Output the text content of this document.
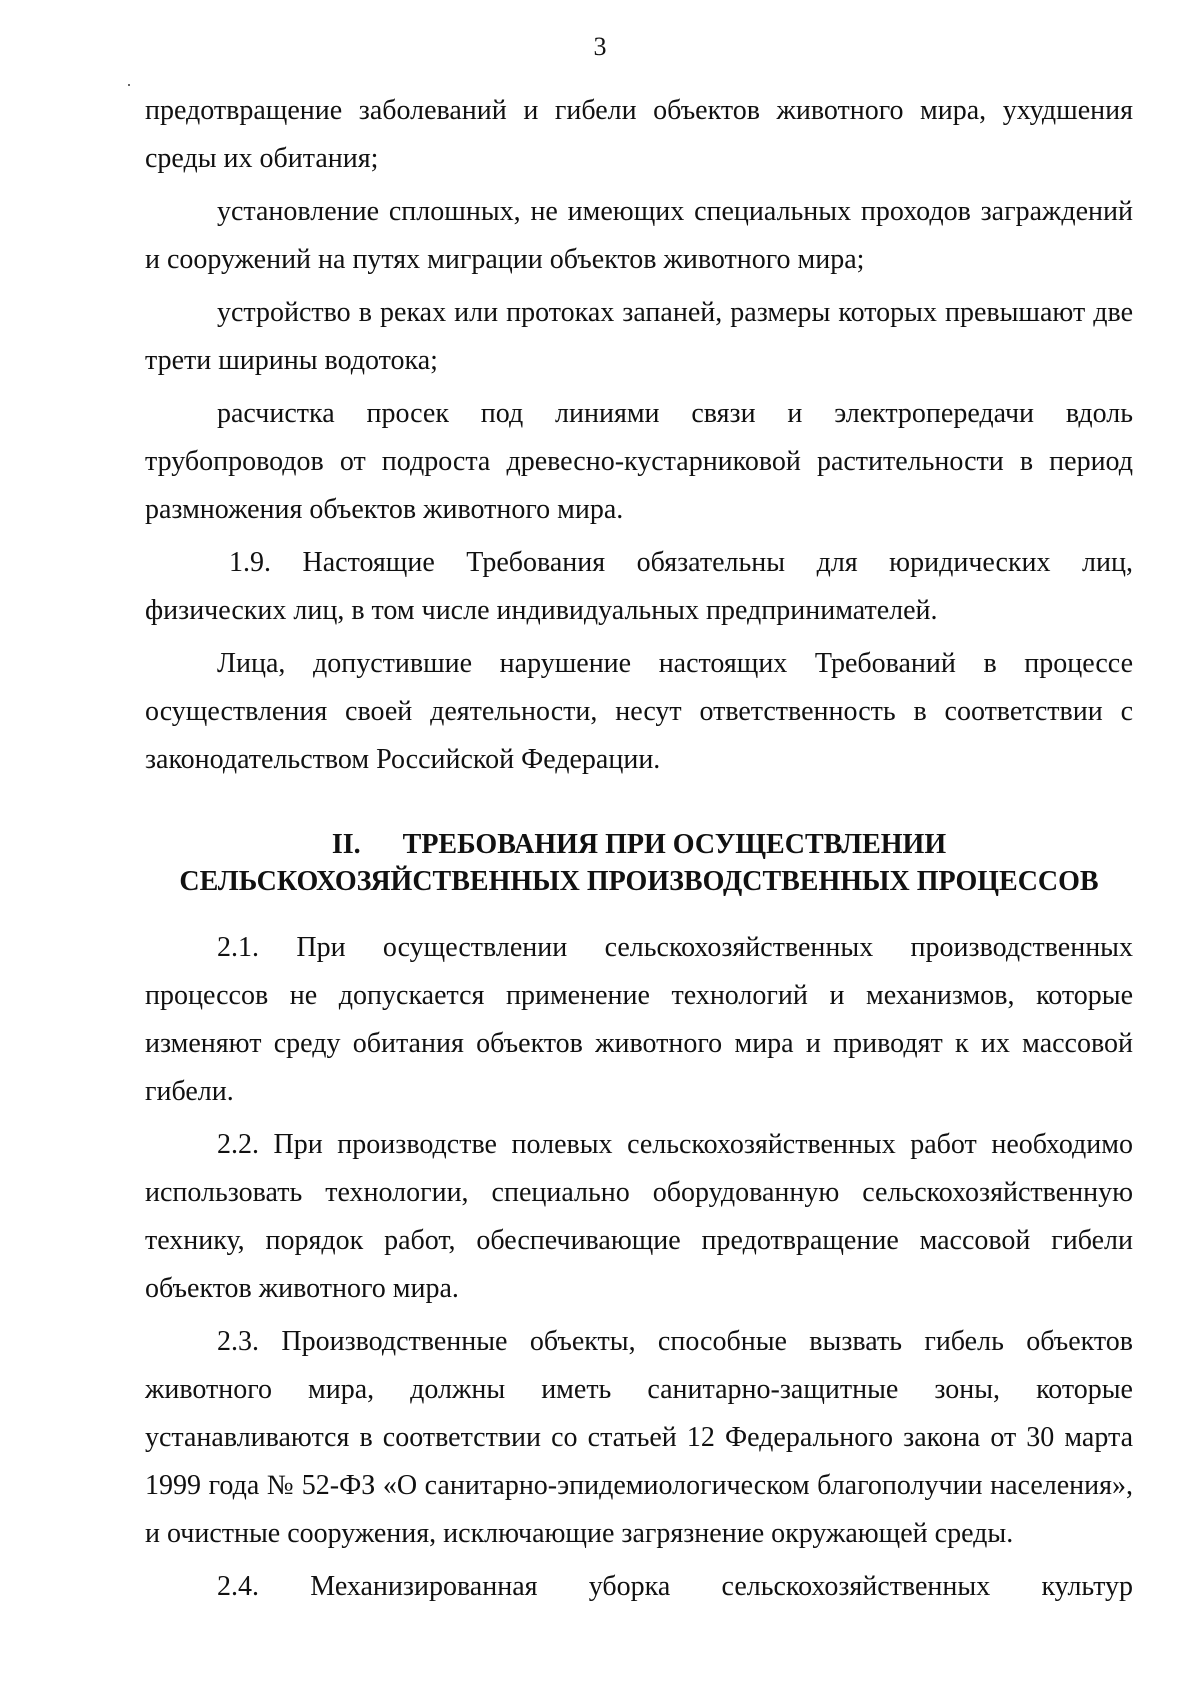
3

предотвращение заболеваний и гибели объектов животного мира, ухудшения среды их обитания;

установление сплошных, не имеющих специальных проходов заграждений и сооружений на путях миграции объектов животного мира;

устройство в реках или протоках запаней, размеры которых превышают две трети ширины водотока;

расчистка просек под линиями связи и электропередачи вдоль трубопроводов от подроста древесно-кустарниковой растительности в период размножения объектов животного мира.

1.9. Настоящие Требования обязательны для юридических лиц, физических лиц, в том числе индивидуальных предпринимателей.

Лица, допустившие нарушение настоящих Требований в процессе осуществления своей деятельности, несут ответственность в соответствии с законодательством Российской Федерации.

II. ТРЕБОВАНИЯ ПРИ ОСУЩЕСТВЛЕНИИ
СЕЛЬСКОХОЗЯЙСТВЕННЫХ ПРОИЗВОДСТВЕННЫХ ПРОЦЕССОВ

2.1. При осуществлении сельскохозяйственных производственных процессов не допускается применение технологий и механизмов, которые изменяют среду обитания объектов животного мира и приводят к их массовой гибели.

2.2. При производстве полевых сельскохозяйственных работ необходимо использовать технологии, специально оборудованную сельскохозяйственную технику, порядок работ, обеспечивающие предотвращение массовой гибели объектов животного мира.

2.3. Производственные объекты, способные вызвать гибель объектов животного мира, должны иметь санитарно-защитные зоны, которые устанавливаются в соответствии со статьей 12 Федерального закона от 30 марта 1999 года № 52-ФЗ «О санитарно-эпидемиологическом благополучии населения», и очистные сооружения, исключающие загрязнение окружающей среды.

2.4. Механизированная уборка сельскохозяйственных культур
